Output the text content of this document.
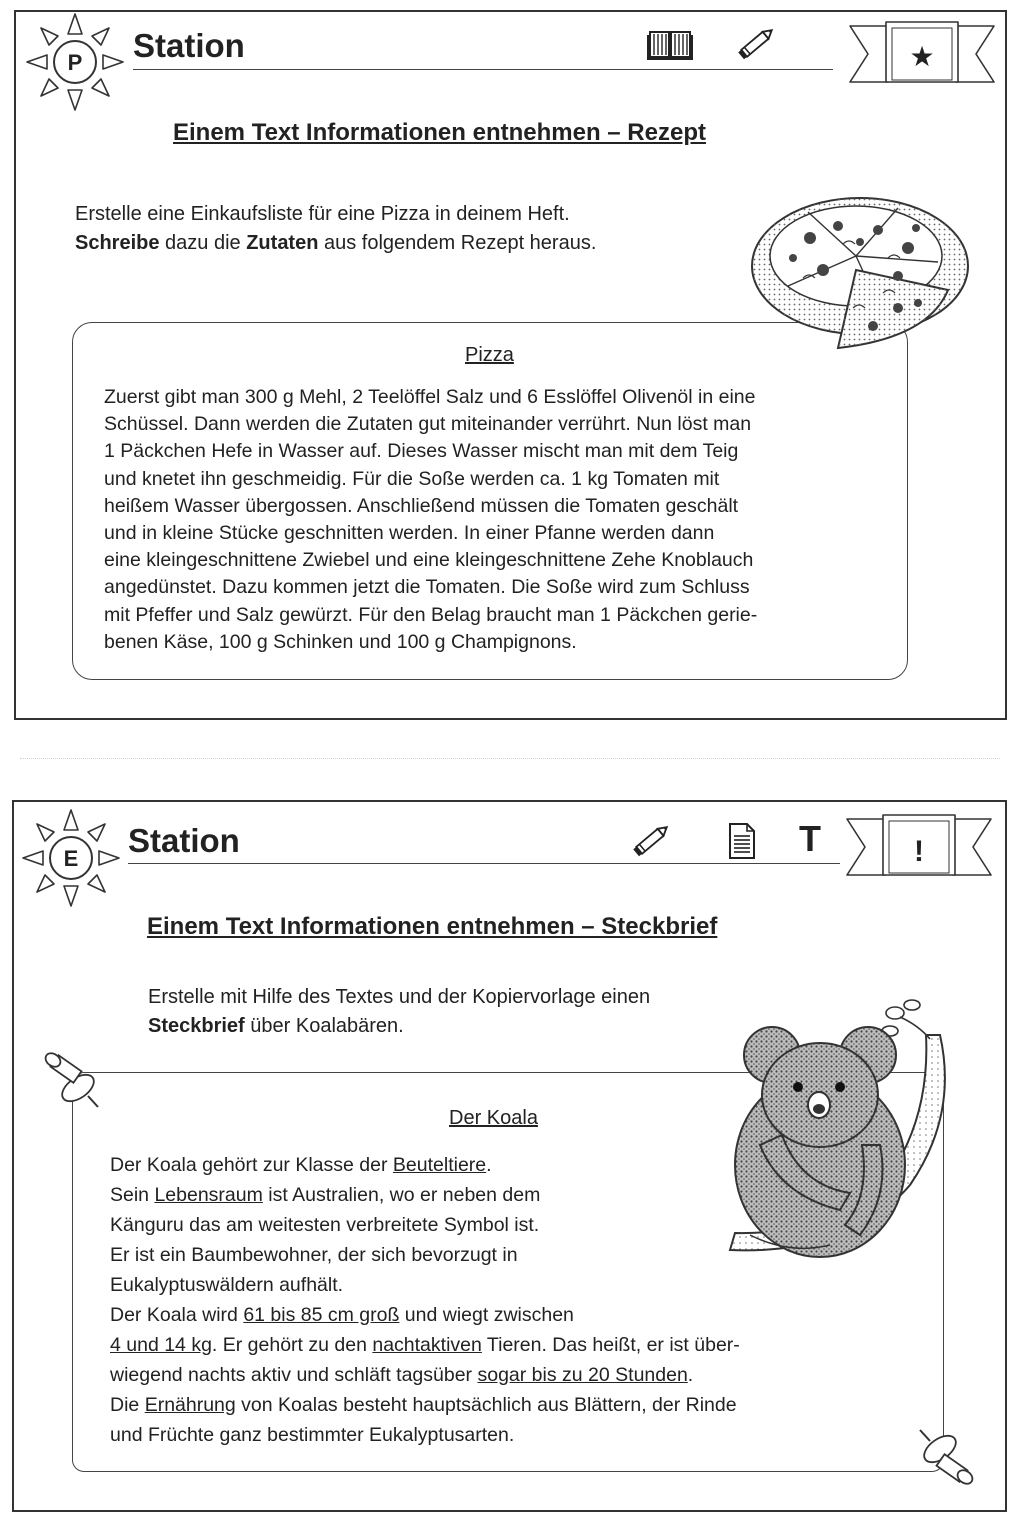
P Station	★
Einem Text Informationen entnehmen – Rezept
Erstelle eine Einkaufsliste für eine Pizza in deinem Heft.
Schreibe dazu die Zutaten aus folgendem Rezept heraus.
Pizza
Zuerst gibt man 300 g Mehl, 2 Teelöffel Salz und 6 Esslöffel Olivenöl in eine
Schüssel. Dann werden die Zutaten gut miteinander verrührt. Nun löst man
1 Päckchen Hefe in Wasser auf. Dieses Wasser mischt man mit dem Teig
und knetet ihn geschmeidig. Für die Soße werden ca. 1 kg Tomaten mit
heißem Wasser übergossen. Anschließend müssen die Tomaten geschält
und in kleine Stücke geschnitten werden. In einer Pfanne werden dann
eine kleingeschnittene Zwiebel und eine kleingeschnittene Zehe Knoblauch
angedünstet. Dazu kommen jetzt die Tomaten. Die Soße wird zum Schluss
mit Pfeffer und Salz gewürzt. Für den Belag braucht man 1 Päckchen gerie-
benen Käse, 100 g Schinken und 100 g Champignons.
E Station	T	!
Einem Text Informationen entnehmen – Steckbrief
Erstelle mit Hilfe des Textes und der Kopiervorlage einen
Steckbrief über Koalabären.
Der Koala
Der Koala gehört zur Klasse der Beuteltiere.
Sein Lebensraum ist Australien, wo er neben dem
Känguru das am weitesten verbreitete Symbol ist.
Er ist ein Baumbewohner, der sich bevorzugt in
Eukalyptuswäldern aufhält.
Der Koala wird 61 bis 85 cm groß und wiegt zwischen
4 und 14 kg. Er gehört zu den nachtaktiven Tieren. Das heißt, er ist über-
wiegend nachts aktiv und schläft tagsüber sogar bis zu 20 Stunden.
Die Ernährung von Koalas besteht hauptsächlich aus Blättern, der Rinde
und Früchte ganz bestimmter Eukalyptusarten.
